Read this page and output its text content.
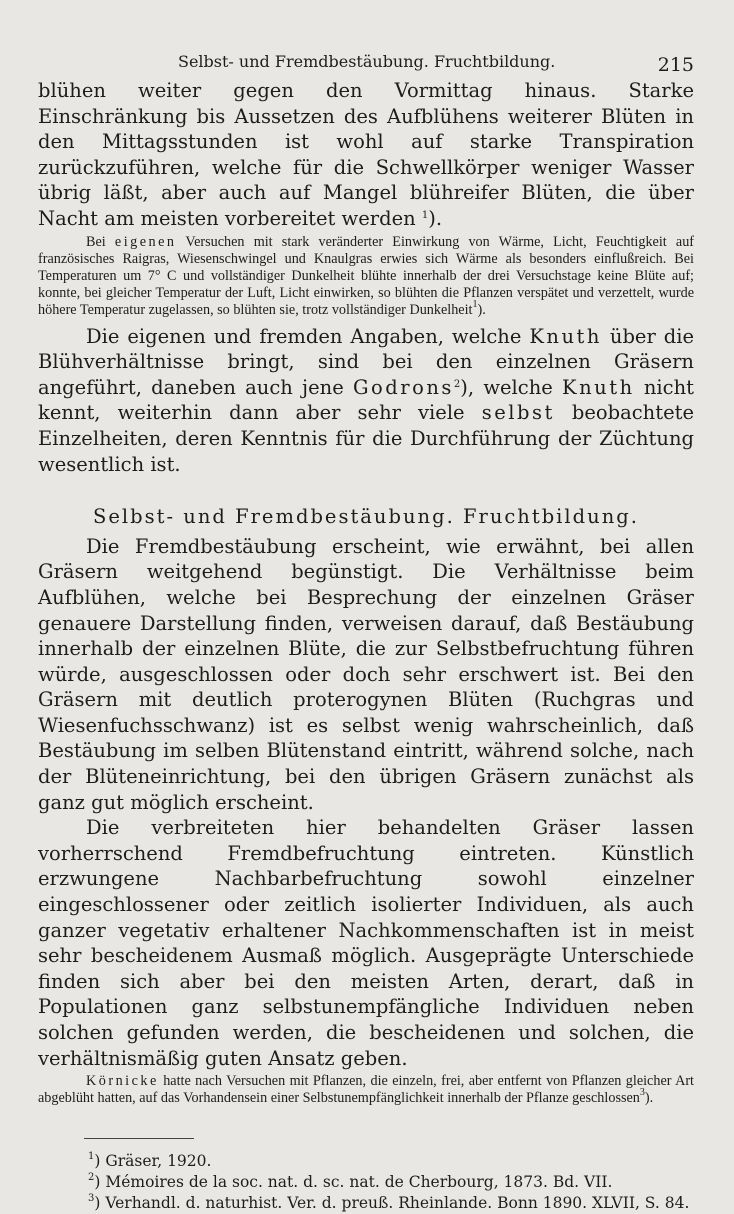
Selbst- und Fremdbestäubung. Fruchtbildung.	215

blühen weiter gegen den Vormittag hinaus. Starke Einschränkung bis Aussetzen des Aufblühens weiterer Blüten in den Mittagsstunden ist wohl auf starke Transpiration zurückzuführen, welche für die Schwellkörper weniger Wasser übrig läßt, aber auch auf Mangel blühreifer Blüten, die über Nacht am meisten vorbereitet werden $^1$).

Bei eigenen Versuchen mit stark veränderter Einwirkung von Wärme, Licht, Feuchtigkeit auf französisches Raigras, Wiesenschwingel und Knaulgras erwies sich Wärme als besonders einflußreich. Bei Temperaturen um 7° C und vollständiger Dunkelheit blühte innerhalb der drei Versuchstage keine Blüte auf; konnte, bei gleicher Temperatur der Luft, Licht einwirken, so blühten die Pflanzen verspätet und verzettelt, wurde höhere Temperatur zugelassen, so blühten sie, trotz vollständiger Dunkelheit$^1$).

Die eigenen und fremden Angaben, welche Knuth über die Blühverhältnisse bringt, sind bei den einzelnen Gräsern angeführt, daneben auch jene Godrons$^2$), welche Knuth nicht kennt, weiterhin dann aber sehr viele selbst beobachtete Einzelheiten, deren Kenntnis für die Durchführung der Züchtung wesentlich ist.

Selbst- und Fremdbestäubung. Fruchtbildung.

Die Fremdbestäubung erscheint, wie erwähnt, bei allen Gräsern weitgehend begünstigt. Die Verhältnisse beim Aufblühen, welche bei Besprechung der einzelnen Gräser genauere Darstellung finden, verweisen darauf, daß Bestäubung innerhalb der einzelnen Blüte, die zur Selbstbefruchtung führen würde, ausgeschlossen oder doch sehr erschwert ist. Bei den Gräsern mit deutlich proterogynen Blüten (Ruchgras und Wiesenfuchsschwanz) ist es selbst wenig wahrscheinlich, daß Bestäubung im selben Blütenstand eintritt, während solche, nach der Blüteneinrichtung, bei den übrigen Gräsern zunächst als ganz gut möglich erscheint.

Die verbreiteten hier behandelten Gräser lassen vorherrschend Fremdbefruchtung eintreten. Künstlich erzwungene Nachbarbefruchtung sowohl einzelner eingeschlossener oder zeitlich isolierter Individuen, als auch ganzer vegetativ erhaltener Nachkommenschaften ist in meist sehr bescheidenem Ausmaß möglich. Ausgeprägte Unterschiede finden sich aber bei den meisten Arten, derart, daß in Populationen ganz selbstunempfängliche Individuen neben solchen gefunden werden, die bescheidenen und solchen, die verhältnismäßig guten Ansatz geben.

Körnicke hatte nach Versuchen mit Pflanzen, die einzeln, frei, aber entfernt von Pflanzen gleicher Art abgeblüht hatten, auf das Vorhandensein einer Selbstunempfänglichkeit innerhalb der Pflanze geschlossen$^3$).

$^1$) Gräser, 1920.
$^2$) Mémoires de la soc. nat. d. sc. nat. de Cherbourg, 1873. Bd. VII.
$^3$) Verhandl. d. naturhist. Ver. d. preuß. Rheinlande. Bonn 1890. XLVII, S. 84.
